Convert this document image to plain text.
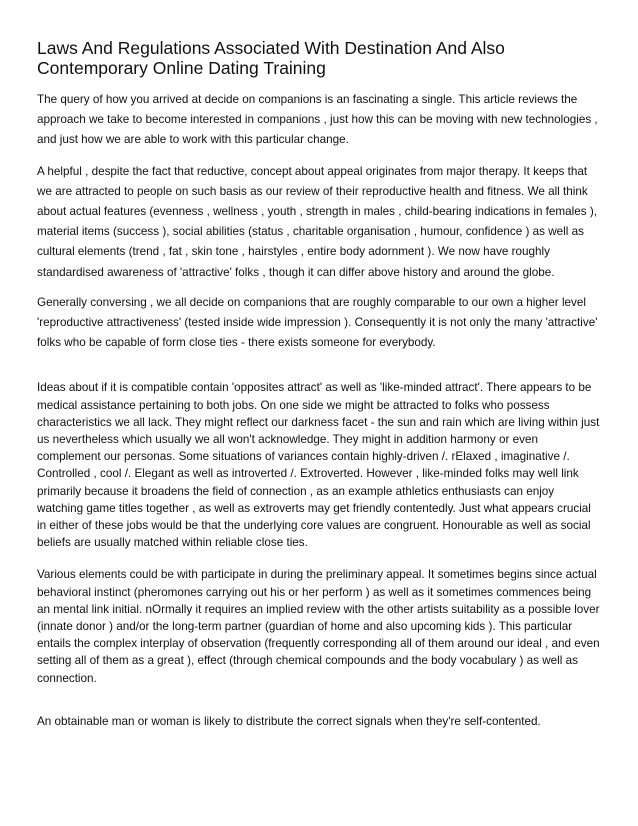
Laws And Regulations Associated With Destination And Also Contemporary Online Dating Training

The query of how you arrived at decide on companions is an fascinating a single. This article reviews the approach we take to become interested in companions , just how this can be moving with new technologies , and just how we are able to work with this particular change.

A helpful , despite the fact that reductive, concept about appeal originates from major therapy. It keeps that we are attracted to people on such basis as our review of their reproductive health and fitness. We all think about actual features (evenness , wellness , youth , strength in males , child-bearing indications in females ), material items (success ), social abilities (status , charitable organisation , humour, confidence ) as well as cultural elements (trend , fat , skin tone , hairstyles , entire body adornment ). We now have roughly standardised awareness of 'attractive' folks , though it can differ above history and around the globe.

Generally conversing , we all decide on companions that are roughly comparable to our own a higher level 'reproductive attractiveness' (tested inside wide impression ). Consequently it is not only the many 'attractive' folks who be capable of form close ties - there exists someone for everybody.

Ideas about if it is compatible contain 'opposites attract' as well as 'like-minded attract'. There appears to be medical assistance pertaining to both jobs. On one side we might be attracted to folks who possess characteristics we all lack. They might reflect our darkness facet - the sun and rain which are living within just us nevertheless which usually we all won't acknowledge. They might in addition harmony or even complement our personas. Some situations of variances contain highly-driven /. rElaxed , imaginative /. Controlled , cool /. Elegant as well as introverted /. Extroverted. However , like-minded folks may well link primarily because it broadens the field of connection , as an example athletics enthusiasts can enjoy watching game titles together , as well as extroverts may get friendly contentedly. Just what appears crucial in either of these jobs would be that the underlying core values are congruent. Honourable as well as social beliefs are usually matched within reliable close ties.

Various elements could be with participate in during the preliminary appeal. It sometimes begins since actual behavioral instinct (pheromones carrying out his or her perform ) as well as it sometimes commences being an mental link initial. nOrmally it requires an implied review with the other artists suitability as a possible lover (innate donor ) and/or the long-term partner (guardian of home and also upcoming kids ). This particular entails the complex interplay of observation (frequently corresponding all of them around our ideal , and even setting all of them as a great ), effect (through chemical compounds and the body vocabulary ) as well as connection.

An obtainable man or woman is likely to distribute the correct signals when they're self-contented.
